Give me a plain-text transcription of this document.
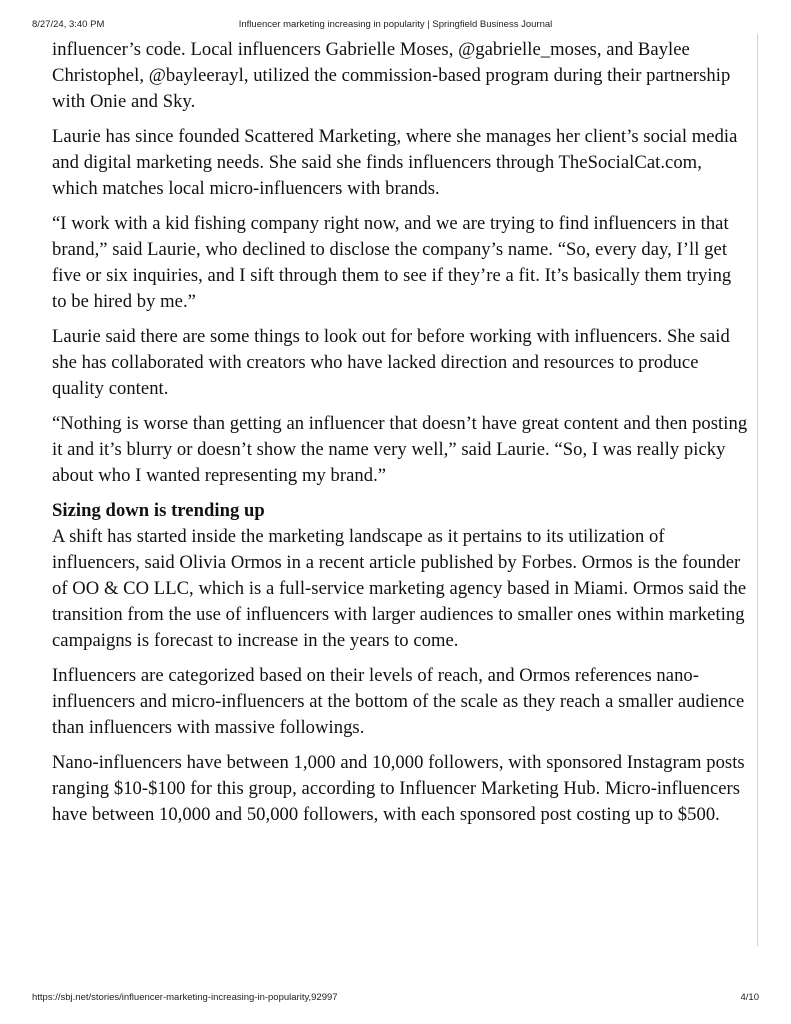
Influencer marketing increasing in popularity | Springfield Business Journal
8/27/24, 3:40 PM

influencer’s code. Local influencers Gabrielle Moses, @gabrielle_moses, and Baylee Christophel, @bayleerayl, utilized the commission-based program during their partnership with Onie and Sky.

Laurie has since founded Scattered Marketing, where she manages her client’s social media and digital marketing needs. She said she finds influencers through TheSocialCat.com, which matches local micro-influencers with brands.

“I work with a kid fishing company right now, and we are trying to find influencers in that brand,” said Laurie, who declined to disclose the company’s name. “So, every day, I’ll get five or six inquiries, and I sift through them to see if they’re a fit. It’s basically them trying to be hired by me.”

Laurie said there are some things to look out for before working with influencers. She said she has collaborated with creators who have lacked direction and resources to produce quality content.

“Nothing is worse than getting an influencer that doesn’t have great content and then posting it and it’s blurry or doesn’t show the name very well,” said Laurie. “So, I was really picky about who I wanted representing my brand.”

Sizing down is trending up

A shift has started inside the marketing landscape as it pertains to its utilization of influencers, said Olivia Ormos in a recent article published by Forbes. Ormos is the founder of OO & CO LLC, which is a full-service marketing agency based in Miami. Ormos said the transition from the use of influencers with larger audiences to smaller ones within marketing campaigns is forecast to increase in the years to come.

Influencers are categorized based on their levels of reach, and Ormos references nano-influencers and micro-influencers at the bottom of the scale as they reach a smaller audience than influencers with massive followings.

Nano-influencers have between 1,000 and 10,000 followers, with sponsored Instagram posts ranging $10-$100 for this group, according to Influencer Marketing Hub. Micro-influencers have between 10,000 and 50,000 followers, with each sponsored post costing up to $500.

https://sbj.net/stories/influencer-marketing-increasing-in-popularity,92997	4/10
